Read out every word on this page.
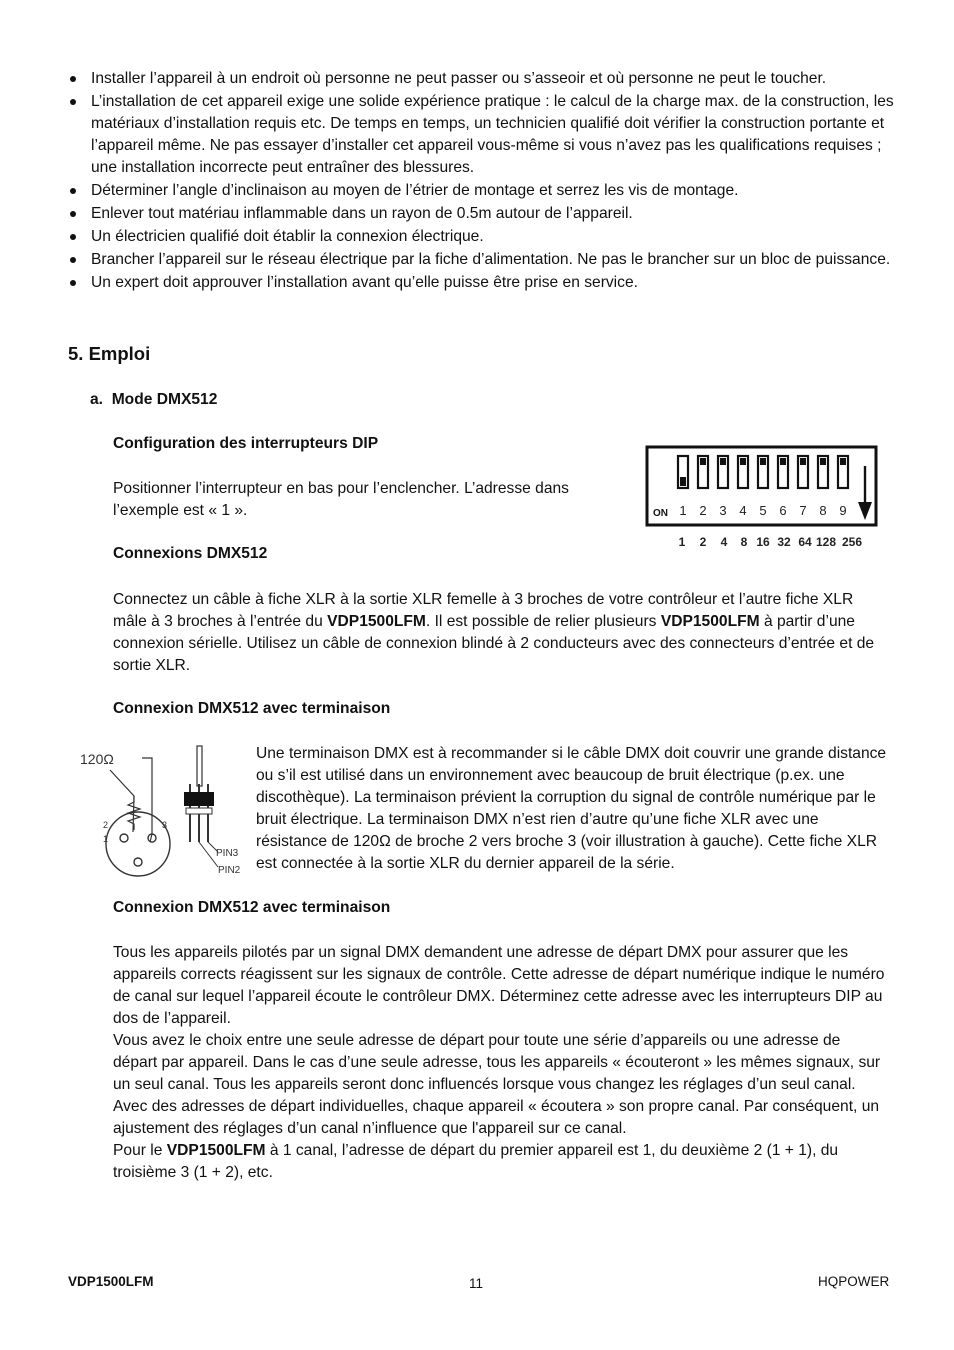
Installer l’appareil à un endroit où personne ne peut passer ou s’asseoir et où personne ne peut le toucher.
L’installation de cet appareil exige une solide expérience pratique : le calcul de la charge max. de la construction, les matériaux d’installation requis etc. De temps en temps, un technicien qualifié doit vérifier la construction portante et l’appareil même. Ne pas essayer d’installer cet appareil vous-même si vous n’avez pas les qualifications requises ; une installation incorrecte peut entraîner des blessures.
Déterminer l’angle d’inclinaison au moyen de l’étrier de montage et serrez les vis de montage.
Enlever tout matériau inflammable dans un rayon de 0.5m autour de l’appareil.
Un électricien qualifié doit établir la connexion électrique.
Brancher l’appareil sur le réseau électrique par la fiche d’alimentation. Ne pas le brancher sur un bloc de puissance.
Un expert doit approuver l’installation avant qu’elle puisse être prise en service.
5. Emploi
a. Mode DMX512
Configuration des interrupteurs DIP
Positionner l’interrupteur en bas pour l’enclencher. L’adresse dans l’exemple est « 1 ».	ON 1 2 3 4 5 6 7 8 9
1 2 4 8 16 32 64 128 256
Connexions DMX512
Connectez un câble à fiche XLR à la sortie XLR femelle à 3 broches de votre contrôleur et l’autre fiche XLR mâle à 3 broches à l’entrée du VDP1500LFM. Il est possible de relier plusieurs VDP1500LFM à partir d’une connexion sérielle. Utilisez un câble de connexion blindé à 2 conducteurs avec des connecteurs d’entrée et de sortie XLR.
Connexion DMX512 avec terminaison
120Ω
2	3
1
PIN3
PIN2
Une terminaison DMX est à recommander si le câble DMX doit couvrir une grande distance ou s’il est utilisé dans un environnement avec beaucoup de bruit électrique (p.ex. une discothèque). La terminaison prévient la corruption du signal de contrôle numérique par le bruit électrique. La terminaison DMX n’est rien d’autre qu’une fiche XLR avec une résistance de 120Ω de broche 2 vers broche 3 (voir illustration à gauche). Cette fiche XLR est connectée à la sortie XLR du dernier appareil de la série.
Connexion DMX512 avec terminaison
Tous les appareils pilotés par un signal DMX demandent une adresse de départ DMX pour assurer que les appareils corrects réagissent sur les signaux de contrôle. Cette adresse de départ numérique indique le numéro de canal sur lequel l’appareil écoute le contrôleur DMX. Déterminez cette adresse avec les interrupteurs DIP au dos de l’appareil.
Vous avez le choix entre une seule adresse de départ pour toute une série d’appareils ou une adresse de départ par appareil. Dans le cas d’une seule adresse, tous les appareils « écouteront » les mêmes signaux, sur un seul canal. Tous les appareils seront donc influencés lorsque vous changez les réglages d’un seul canal. Avec des adresses de départ individuelles, chaque appareil « écoutera » son propre canal. Par conséquent, un ajustement des réglages d’un canal n’influence que l'appareil sur ce canal.
Pour le VDP1500LFM à 1 canal, l’adresse de départ du premier appareil est 1, du deuxième 2 (1 + 1), du troisième 3 (1 + 2), etc.
VDP1500LFM	11	HQPOWER
